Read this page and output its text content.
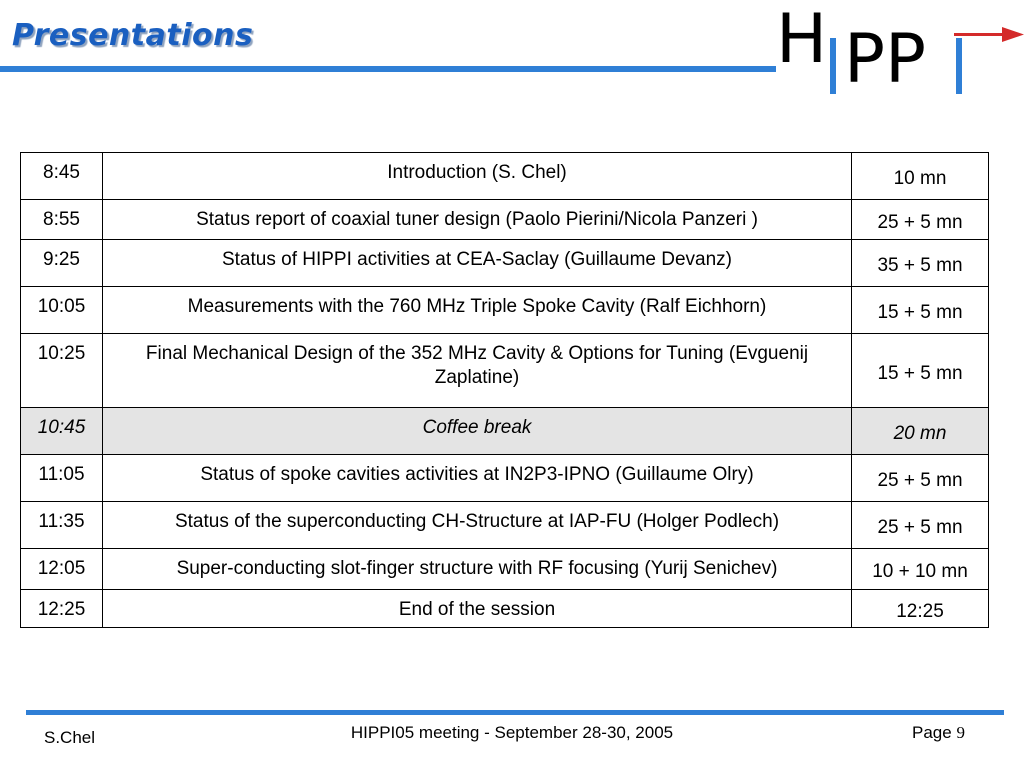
Presentations	H PP
8:45	Introduction (S. Chel)	10 mn
8:55	Status report of coaxial tuner design (Paolo Pierini/Nicola Panzeri )	25 + 5 mn
9:25	Status of HIPPI activities at CEA-Saclay (Guillaume Devanz)	35 + 5 mn
10:05	Measurements with the 760 MHz Triple Spoke Cavity (Ralf Eichhorn)	15 + 5 mn
10:25	Final Mechanical Design of the 352 MHz Cavity & Options for Tuning (Evguenij Zaplatine)	15 + 5 mn
10:45	Coffee break	20 mn
11:05	Status of spoke cavities activities at IN2P3-IPNO (Guillaume Olry)	25 + 5 mn
11:35	Status of the superconducting CH-Structure at IAP-FU (Holger Podlech)	25 + 5 mn
12:05	Super-conducting slot-finger structure with RF focusing (Yurij Senichev)	10 + 10 mn
12:25	End of the session	12:25
S.Chel	HIPPI05 meeting - September 28-30, 2005	Page 9
